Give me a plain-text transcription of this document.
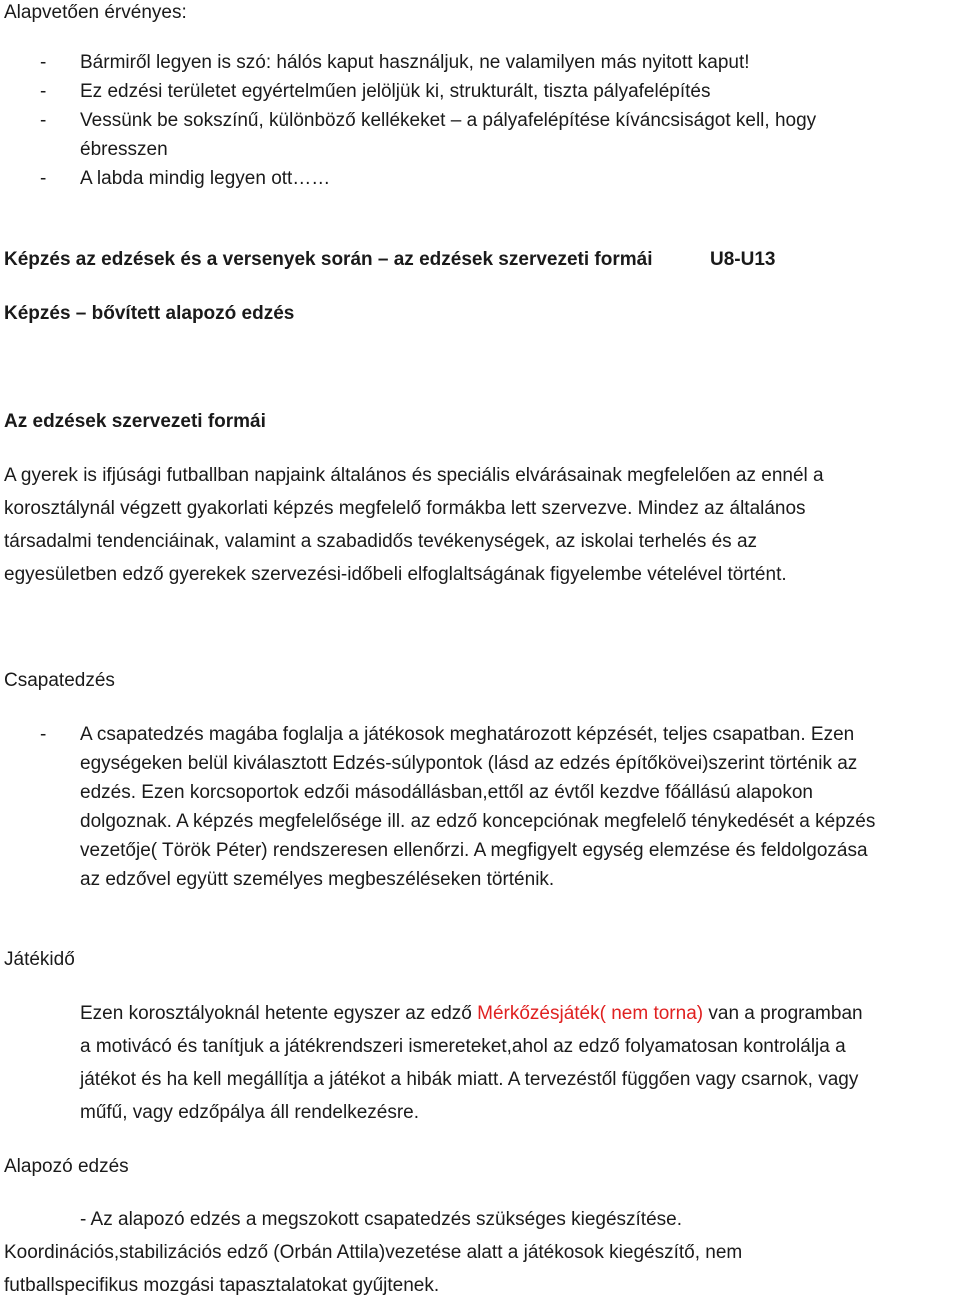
Alapvetően érvényes:
- Bármiről legyen is szó: hálós kaput használjuk, ne valamilyen más nyitott kaput!
- Ez edzési területet egyértelműen jelöljük ki, strukturált, tiszta pályafelépítés
- Vessünk be sokszínű, különböző kellékeket – a pályafelépítése kíváncsiságot kell, hogy
ébresszen
- A labda mindig legyen ott……
Képzés az edzések és a versenyek során – az edzések szervezeti formái	U8-U13
Képzés – bővített alapozó edzés
Az edzések szervezeti formái
A gyerek is ifjúsági futballban napjaink általános és speciális elvárásainak megfelelően az ennél a
korosztálynál végzett gyakorlati képzés megfelelő formákba lett szervezve. Mindez az általános
társadalmi tendenciáinak, valamint a szabadidős tevékenységek, az iskolai terhelés és az
egyesületben edző gyerekek szervezési-időbeli elfoglaltságának figyelembe vételével történt.
Csapatedzés
- A csapatedzés magába foglalja a játékosok meghatározott képzését, teljes csapatban. Ezen
egységeken belül kiválasztott Edzés-súlypontok (lásd az edzés építőkövei)szerint történik az
edzés. Ezen korcsoportok edzői másodállásban,ettől az évtől kezdve főállású alapokon
dolgoznak. A képzés megfelelősége ill. az edző koncepciónak megfelelő ténykedését a képzés
vezetője( Török Péter) rendszeresen ellenőrzi. A megfigyelt egység elemzése és feldolgozása
az edzővel együtt személyes megbeszéléseken történik.
Játékidő
Ezen korosztályoknál hetente egyszer az edző Mérkőzésjáték( nem torna) van a programban
a motivácó és tanítjuk a játékrendszeri ismereteket,ahol az edző folyamatosan kontrolálja a
játékot és ha kell megállítja a játékot a hibák miatt. A tervezéstől függően vagy csarnok, vagy
műfű, vagy edzőpálya áll rendelkezésre.
Alapozó edzés
- Az alapozó edzés a megszokott csapatedzés szükséges kiegészítése.
Koordinációs,stabilizációs edző (Orbán Attila)vezetése alatt a játékosok kiegészítő, nem
futballspecifikus mozgási tapasztalatokat gyűjtenek.
